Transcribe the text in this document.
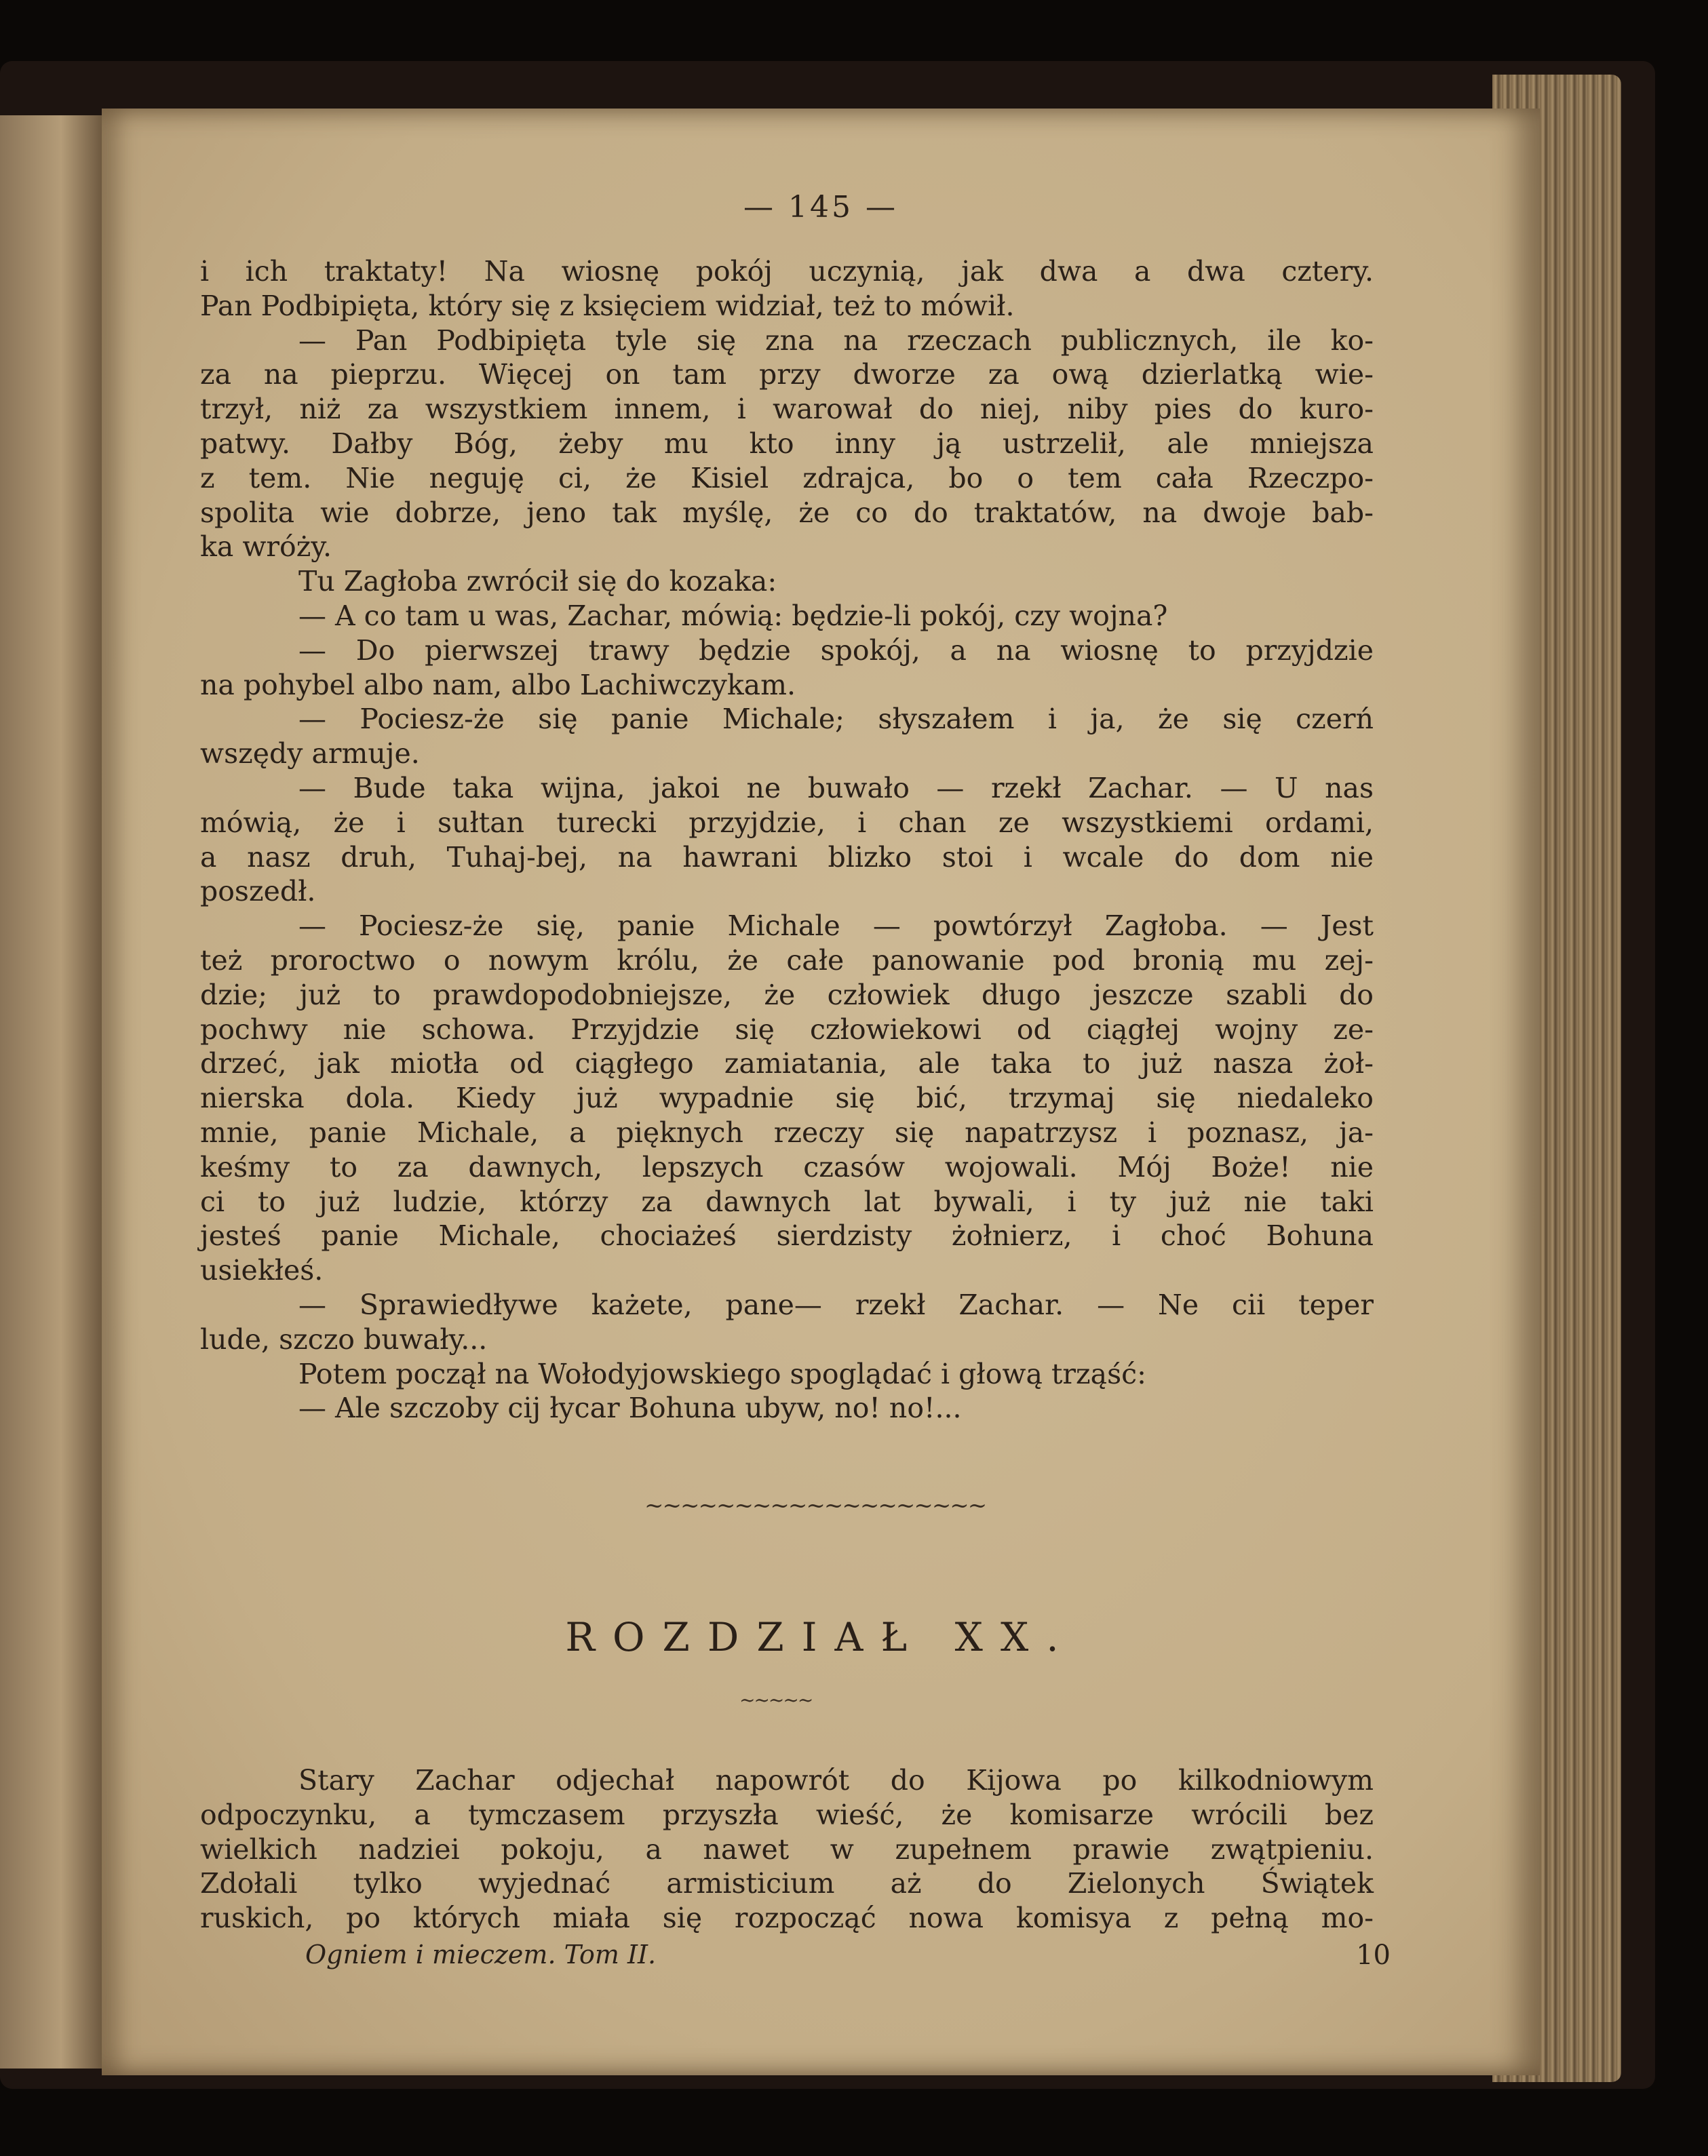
— 145 —

i ich traktaty! Na wiosnę pokój uczynią, jak dwa a dwa cztery.
Pan Podbipięta, który się z księciem widział, też to mówił.

— Pan Podbipięta tyle się zna na rzeczach publicznych, ile ko-
za na pieprzu. Więcej on tam przy dworze za ową dzierlatką wie-
trzył, niż za wszystkiem innem, i warował do niej, niby pies do kuro-
patwy. Dałby Bóg, żeby mu kto inny ją ustrzelił, ale mniejsza
z tem. Nie neguję ci, że Kisiel zdrajca, bo o tem cała Rzeczpo-
spolita wie dobrze, jeno tak myślę, że co do traktatów, na dwoje bab-
ka wróży.

Tu Zagłoba zwrócił się do kozaka:

— A co tam u was, Zachar, mówią: będzie-li pokój, czy wojna?

— Do pierwszej trawy będzie spokój, a na wiosnę to przyjdzie
na pohybel albo nam, albo Lachiwczykam.

— Pociesz-że się panie Michale; słyszałem i ja, że się czerń
wszędy armuje.

— Bude taka wijna, jakoi ne buwało — rzekł Zachar. — U nas
mówią, że i sułtan turecki przyjdzie, i chan ze wszystkiemi ordami,
a nasz druh, Tuhaj-bej, na hawrani blizko stoi i wcale do dom nie
poszedł.

— Pociesz-że się, panie Michale — powtórzył Zagłoba. — Jest
też proroctwo o nowym królu, że całe panowanie pod bronią mu zej-
dzie; już to prawdopodobniejsze, że człowiek długo jeszcze szabli do
pochwy nie schowa. Przyjdzie się człowiekowi od ciągłej wojny ze-
drzeć, jak miotła od ciągłego zamiatania, ale taka to już nasza żoł-
nierska dola. Kiedy już wypadnie się bić, trzymaj się niedaleko
mnie, panie Michale, a pięknych rzeczy się napatrzysz i poznasz, ja-
keśmy to za dawnych, lepszych czasów wojowali. Mój Boże! nie
ci to już ludzie, którzy za dawnych lat bywali, i ty już nie taki
jesteś panie Michale, chociażeś sierdzisty żołnierz, i choć Bohuna
usiekłeś.

— Sprawiedływe każete, pane— rzekł Zachar. — Ne cii teper
lude, szczo buwały...

Potem począł na Wołodyjowskiego spoglądać i głową trząść:

— Ale szczoby cij łycar Bohuna ubyw, no! no!...

~~~~~~~~~~~~~~~~~~~
ROZDZIAŁ XX.
~~~~~
Stary Zachar odjechał napowrót do Kijowa po kilkodniowym
odpoczynku, a tymczasem przyszła wieść, że komisarze wrócili bez
wielkich nadziei pokoju, a nawet w zupełnem prawie zwątpieniu.
Zdołali tylko wyjednać armisticium aż do Zielonych Świątek
ruskich, po których miała się rozpocząć nowa komisya z pełną mo-
Ogniem i mieczem. Tom II.	10
